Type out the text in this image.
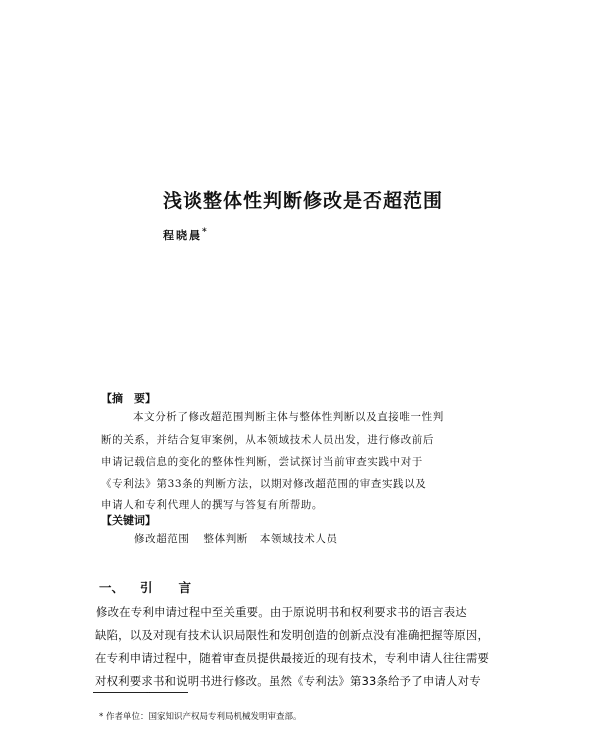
浅谈整体性判断修改是否超范围
程晓晨*
【摘　要】
本文分析了修改超范围判断主体与整体性判断以及直接唯一性判
断的关系，并结合复审案例，从本领域技术人员出发，进行修改前后
申请记载信息的变化的整体性判断，尝试探讨当前审查实践中对于
《专利法》第33条的判断方法，以期对修改超范围的审查实践以及
申请人和专利代理人的撰写与答复有所帮助。
【关键词】
修改超范围 整体判断 本领域技术人员
一、 引 言
修改在专利申请过程中至关重要。由于原说明书和权利要求书的语言表达
缺陷，以及对现有技术认识局限性和发明创造的创新点没有准确把握等原因，
在专利申请过程中，随着审查员提供最接近的现有技术，专利申请人往往需要
对权利要求书和说明书进行修改。虽然《专利法》第33条给予了申请人对专
‥
* 作者单位：国家知识产权局专利局机械发明审查部。
